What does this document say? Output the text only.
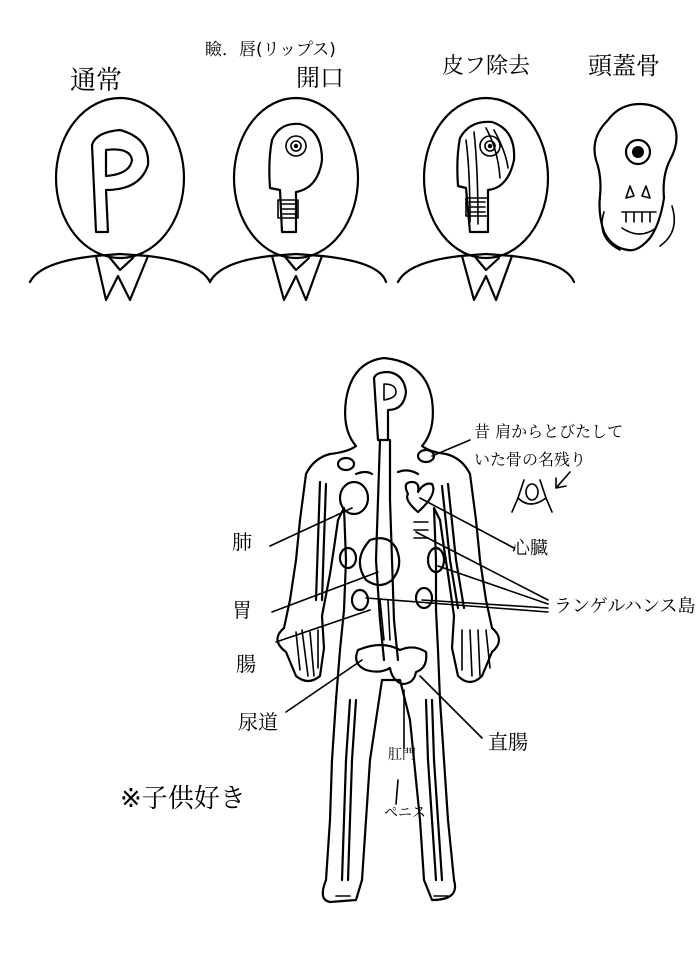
通常
瞼．唇(リップス)
開口	皮フ除去 頭蓋骨
昔 肩からとびたして
いた骨の名残り
肺
胃
腸
尿道
心臓
ランゲルハンス島
直腸
肛門
ペニス
※子供好き
